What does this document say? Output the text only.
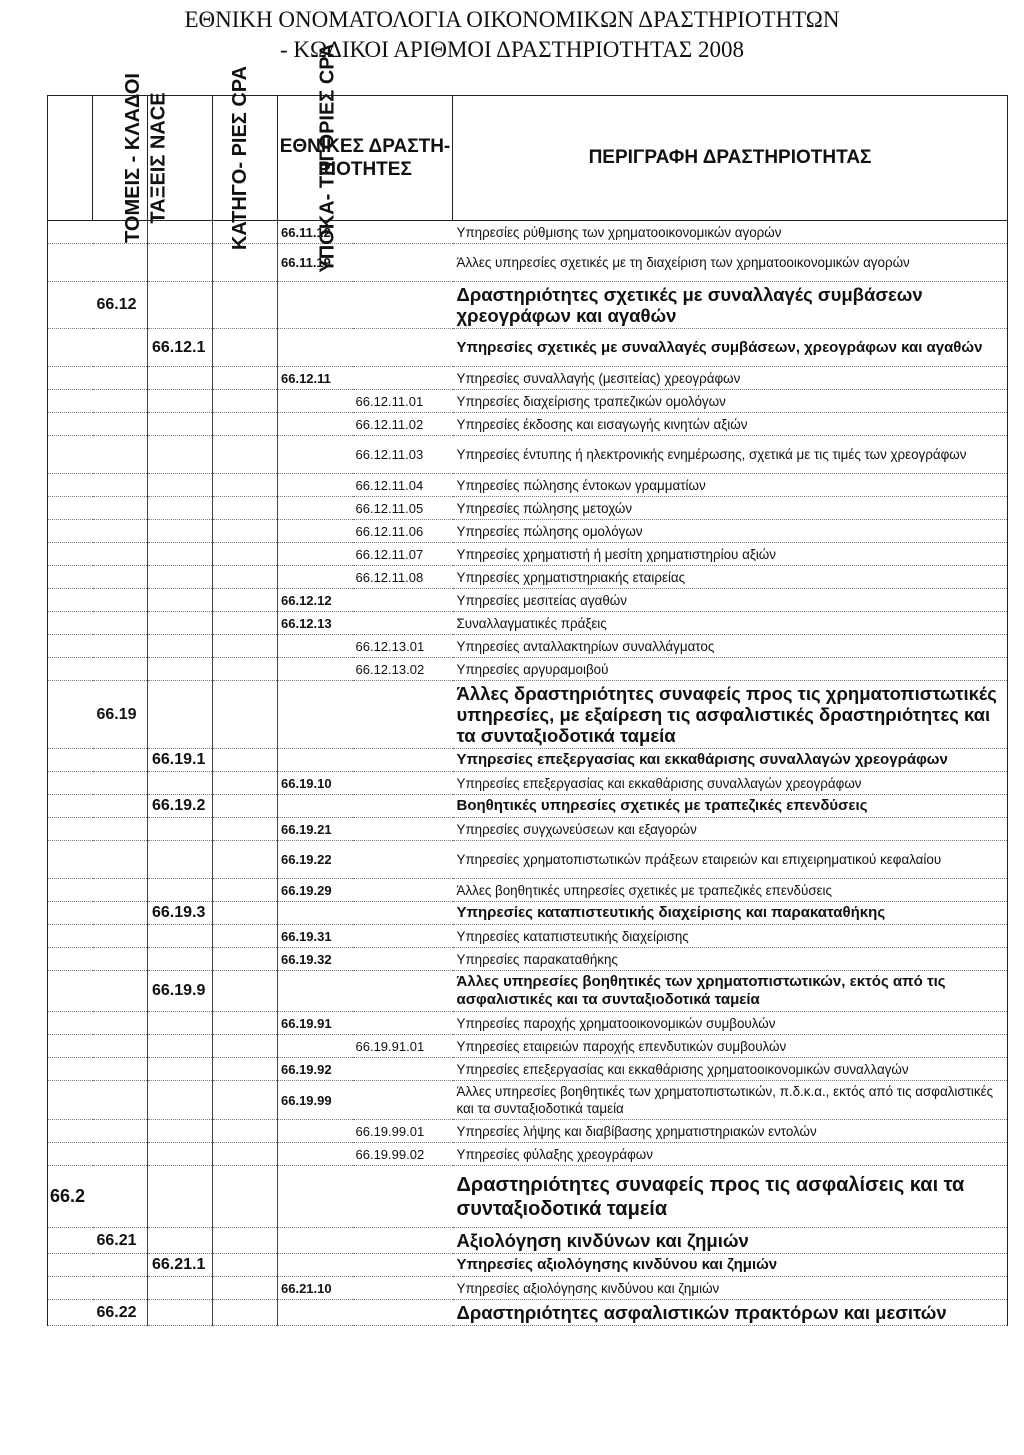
ΕΘΝΙΚΗ ΟΝΟΜΑΤΟΛΟΓΙΑ ΟΙΚΟΝΟΜΙΚΩΝ ΔΡΑΣΤΗΡΙΟΤΗΤΩΝ
- ΚΩΔΙΚΟΙ ΑΡΙΘΜΟΙ ΔΡΑΣΤΗΡΙΟΤΗΤΑΣ 2008
ΤΟΜΕΙΣ - ΚΛΑΔΟΙ	ΤΑΞΕΙΣ NACE	ΚΑΤΗΓΟ- ΡΙΕΣ CPA	ΥΠΟΚΑ- ΤΗΓΟΡΙΕΣ CPA	ΕΘΝΙΚΕΣ ΔΡΑΣΤΗ- ΡΙΟΤΗΤΕΣ		ΠΕΡΙΓΡΑΦΗ ΔΡΑΣΤΗΡΙΟΤΗΤΑΣ
				66.11.12		Υπηρεσίες ρύθμισης των χρηματοοικονομικών αγορών
				66.11.19		Άλλες υπηρεσίες σχετικές με τη διαχείριση των χρηματοοικονομικών αγορών
	66.12					Δραστηριότητες σχετικές με συναλλαγές συμβάσεων χρεογράφων και αγαθών
		66.12.1				Υπηρεσίες σχετικές με συναλλαγές συμβάσεων, χρεογράφων και αγαθών
				66.12.11		Υπηρεσίες συναλλαγής (μεσιτείας) χρεογράφων
					66.12.11.01	Υπηρεσίες διαχείρισης τραπεζικών ομολόγων
					66.12.11.02	Υπηρεσίες έκδοσης και εισαγωγής κινητών αξιών
					66.12.11.03	Υπηρεσίες έντυπης ή ηλεκτρονικής ενημέρωσης, σχετικά με τις τιμές των χρεογράφων
					66.12.11.04	Υπηρεσίες πώλησης έντοκων γραμματίων
					66.12.11.05	Υπηρεσίες πώλησης μετοχών
					66.12.11.06	Υπηρεσίες πώλησης ομολόγων
					66.12.11.07	Υπηρεσίες χρηματιστή ή μεσίτη χρηματιστηρίου αξιών
					66.12.11.08	Υπηρεσίες χρηματιστηριακής εταιρείας
				66.12.12		Υπηρεσίες μεσιτείας αγαθών
				66.12.13		Συναλλαγματικές πράξεις
					66.12.13.01	Υπηρεσίες ανταλλακτηρίων συναλλάγματος
					66.12.13.02	Υπηρεσίες αργυραμοιβού
	66.19					Άλλες δραστηριότητες συναφείς προς τις χρηματοπιστωτικές υπηρεσίες, με εξαίρεση τις ασφαλιστικές δραστηριότητες και τα συνταξιοδοτικά ταμεία
		66.19.1				Υπηρεσίες επεξεργασίας και εκκαθάρισης συναλλαγών χρεογράφων
				66.19.10		Υπηρεσίες επεξεργασίας και εκκαθάρισης συναλλαγών χρεογράφων
		66.19.2				Βοηθητικές υπηρεσίες σχετικές με τραπεζικές επενδύσεις
				66.19.21		Υπηρεσίες συγχωνεύσεων και εξαγορών
				66.19.22		Υπηρεσίες χρηματοπιστωτικών πράξεων εταιρειών και επιχειρηματικού κεφαλαίου
				66.19.29		Άλλες βοηθητικές υπηρεσίες σχετικές με τραπεζικές επενδύσεις
		66.19.3				Υπηρεσίες καταπιστευτικής διαχείρισης και παρακαταθήκης
				66.19.31		Υπηρεσίες καταπιστευτικής διαχείρισης
				66.19.32		Υπηρεσίες παρακαταθήκης
		66.19.9				Άλλες υπηρεσίες βοηθητικές των χρηματοπιστωτικών, εκτός από τις ασφαλιστικές και τα συνταξιοδοτικά ταμεία
				66.19.91		Υπηρεσίες παροχής χρηματοοικονομικών συμβουλών
					66.19.91.01	Υπηρεσίες εταιρειών παροχής επενδυτικών συμβουλών
				66.19.92		Υπηρεσίες επεξεργασίας και εκκαθάρισης χρηματοοικονομικών συναλλαγών
				66.19.99		Άλλες υπηρεσίες βοηθητικές των χρηματοπιστωτικών, π.δ.κ.α., εκτός από τις ασφαλιστικές και τα συνταξιοδοτικά ταμεία
					66.19.99.01	Υπηρεσίες λήψης και διαβίβασης χρηματιστηριακών εντολών
					66.19.99.02	Υπηρεσίες φύλαξης χρεογράφων
66.2						Δραστηριότητες συναφείς προς τις ασφαλίσεις και τα συνταξιοδοτικά ταμεία
	66.21					Αξιολόγηση κινδύνων και ζημιών
		66.21.1				Υπηρεσίες αξιολόγησης κινδύνου και ζημιών
				66.21.10		Υπηρεσίες αξιολόγησης κινδύνου και ζημιών
	66.22					Δραστηριότητες ασφαλιστικών πρακτόρων και μεσιτών
